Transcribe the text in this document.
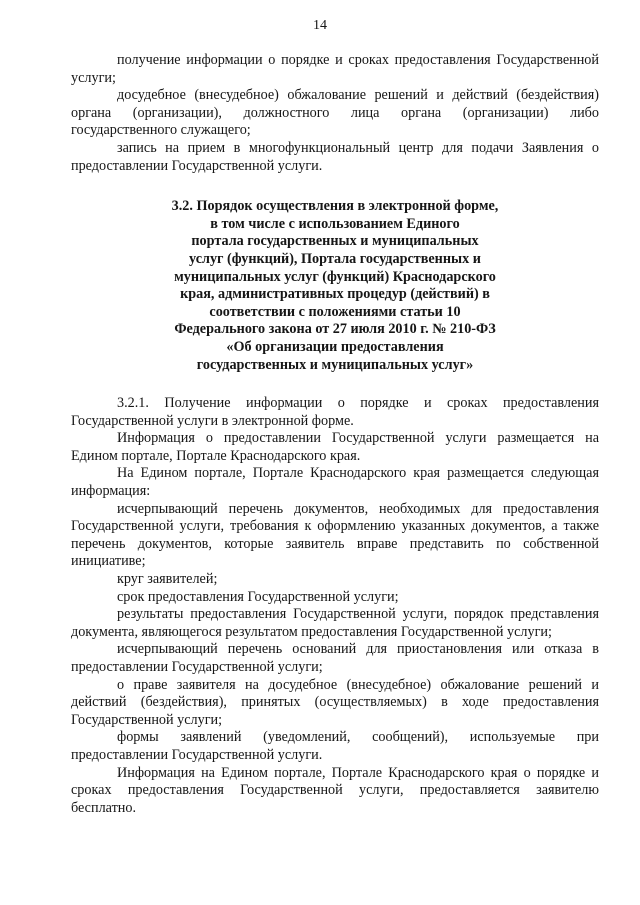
14

получение информации о порядке и сроках предоставления Государственной услуги;

досудебное (внесудебное) обжалование решений и действий (бездействия) органа (организации), должностного лица органа (организации) либо государственного служащего;

запись на прием в многофункциональный центр для подачи Заявления о предоставлении Государственной услуги.

3.2. Порядок осуществления в электронной форме,
в том числе с использованием Единого
портала государственных и муниципальных
услуг (функций), Портала государственных и
муниципальных услуг (функций) Краснодарского
края, административных процедур (действий) в
соответствии с положениями статьи 10
Федерального закона от 27 июля 2010 г. № 210-ФЗ
«Об организации предоставления
государственных и муниципальных услуг»

3.2.1. Получение информации о порядке и сроках предоставления Государственной услуги в электронной форме.

Информация о предоставлении Государственной услуги размещается на Едином портале, Портале Краснодарского края.

На Едином портале, Портале Краснодарского края размещается следующая информация:

исчерпывающий перечень документов, необходимых для предоставления Государственной услуги, требования к оформлению указанных документов, а также перечень документов, которые заявитель вправе представить по собственной инициативе;

круг заявителей;

срок предоставления Государственной услуги;

результаты предоставления Государственной услуги, порядок представления документа, являющегося результатом предоставления Государственной услуги;

исчерпывающий перечень оснований для приостановления или отказа в предоставлении Государственной услуги;

о праве заявителя на досудебное (внесудебное) обжалование решений и действий (бездействия), принятых (осуществляемых) в ходе предоставления Государственной услуги;

формы заявлений (уведомлений, сообщений), используемые при предоставлении Государственной услуги.

Информация на Едином портале, Портале Краснодарского края о порядке и сроках предоставления Государственной услуги, предоставляется заявителю бесплатно.
